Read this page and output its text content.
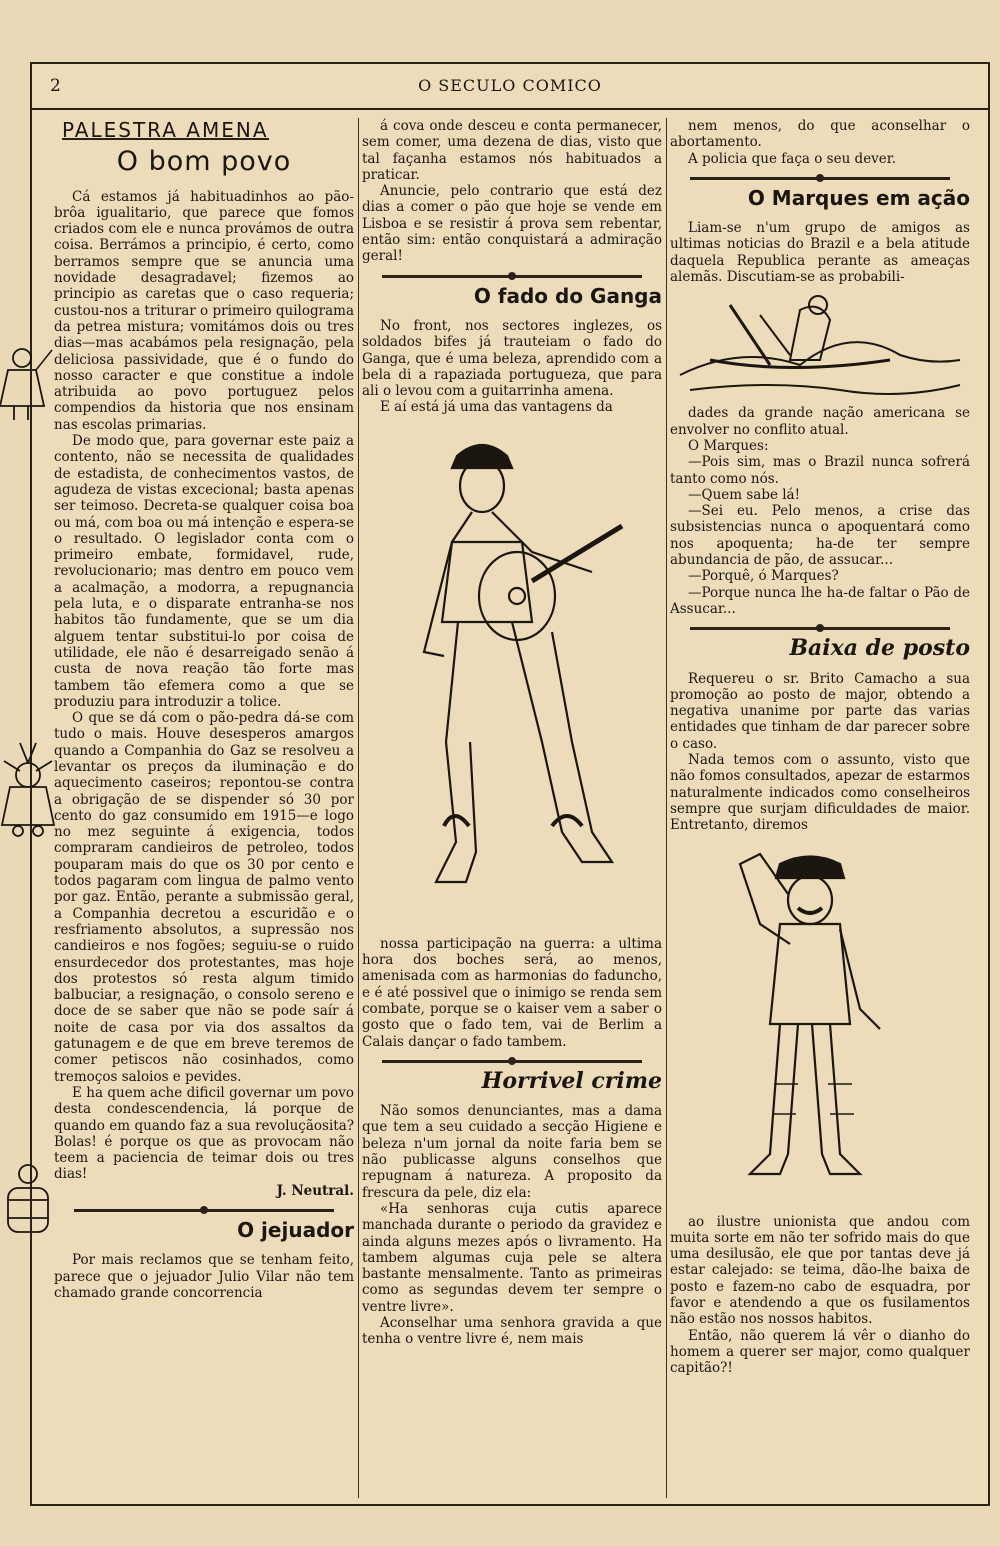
2	O SECULO COMICO
PALESTRA AMENA
O bom povo

Cá estamos já habituadinhos ao pão-brôa igualitario, que parece que fomos criados com ele e nunca provámos de outra coisa. Berrámos a principio, é certo, como berramos sempre que se anuncia uma novidade desagradavel; fizemos ao principio as caretas que o caso requeria; custou-nos a triturar o primeiro quilograma da petrea mistura; vomitámos dois ou tres dias—mas acabámos pela resignação, pela deliciosa passividade, que é o fundo do nosso caracter e que constitue a indole atribuida ao povo portuguez pelos compendios da historia que nos ensinam nas escolas primarias.

De modo que, para governar este paiz a contento, não se necessita de qualidades de estadista, de conhecimentos vastos, de agudeza de vistas excecional; basta apenas ser teimoso. Decreta-se qualquer coisa boa ou má, com boa ou má intenção e espera-se o resultado. O legislador conta com o primeiro embate, formidavel, rude, revolucionario; mas dentro em pouco vem a acalmação, a modorra, a repugnancia pela luta, e o disparate entranha-se nos habitos tão fundamente, que se um dia alguem tentar substitui-lo por coisa de utilidade, ele não é desarreigado senão á custa de nova reação tão forte mas tambem tão efemera como a que se produziu para introduzir a tolice.

O que se dá com o pão-pedra dá-se com tudo o mais. Houve desesperos amargos quando a Companhia do Gaz se resolveu a levantar os preços da iluminação e do aquecimento caseiros; repontou-se contra a obrigação de se dispender só 30 por cento do gaz consumido em 1915—e logo no mez seguinte á exigencia, todos compraram candieiros de petroleo, todos pouparam mais do que os 30 por cento e todos pagaram com lingua de palmo vento por gaz. Então, perante a submissão geral, a Companhia decretou a escuridão e o resfriamento absolutos, a supressão nos candieiros e nos fogões; seguiu-se o ruido ensurdecedor dos protestantes, mas hoje dos protestos só resta algum timido balbuciar, a resignação, o consolo sereno e doce de se saber que não se pode saír á noite de casa por via dos assaltos da gatunagem e de que em breve teremos de comer petiscos não cosinhados, como tremoços saloios e pevides.

E ha quem ache dificil governar um povo desta condescendencia, lá porque de quando em quando faz a sua revoluçãosita? Bolas! é porque os que as provocam não teem a paciencia de teimar dois ou tres dias!

J. Neutral.

O jejuador

Por mais reclamos que se tenham feito, parece que o jejuador Julio Vilar não tem chamado grande concorrencia

á cova onde desceu e conta permanecer, sem comer, uma dezena de dias, visto que tal façanha estamos nós habituados a praticar.

Anuncie, pelo contrario que está dez dias a comer o pão que hoje se vende em Lisboa e se resistir á prova sem rebentar, então sim: então conquistará a admiração geral!

O fado do Ganga

No front, nos sectores inglezes, os soldados bifes já trauteiam o fado do Ganga, que é uma beleza, aprendido com a bela di a rapaziada portugueza, que para ali o levou com a guitarrinha amena.

E aí está já uma das vantagens da

nossa participação na guerra: a ultima hora dos boches será, ao menos, amenisada com as harmonias do fadunchо, e é até possivel que o inimigo se renda sem combate, porque se o kaiser vem a saber o gosto que o fado tem, vai de Berlim a Calais dançar o fado tambem.

Horrivel crime

Não somos denunciantes, mas a dama que tem a seu cuidado a secção Higiene e beleza n'um jornal da noite faria bem se não publicasse alguns conselhos que repugnam á natureza. A proposito da frescura da pele, diz ela:

«Ha senhoras cuja cutis aparece manchada durante o periodo da gravidez e ainda alguns mezes após o livramento. Ha tambem algumas cuja pele se altera bastante mensalmente. Tanto as primeiras como as segundas devem ter sempre o ventre livre».

Aconselhar uma senhora gravida a que tenha o ventre livre é, nem mais

nem menos, do que aconselhar o abortamento.

A policia que faça o seu dever.

O Marques em ação

Liam-se n'um grupo de amigos as ultimas noticias do Brazil e a bela atitude daquela Republica perante as ameaças alemãs. Discutiam-se as probabili-

dades da grande nação americana se envolver no conflito atual.

O Marques:

—Pois sim, mas o Brazil nunca sofrerá tanto como nós.

—Quem sabe lá!

—Sei eu. Pelo menos, a crise das subsistencias nunca o apoquentará como nos apoquenta; ha-de ter sempre abundancia de pão, de assucar...

—Porquê, ó Marques?

—Porque nunca lhe ha-de faltar o Pão de Assucar...

Baixa de posto

Requereu o sr. Brito Camacho a sua promoção ao posto de major, obtendo a negativa unanime por parte das varias entidades que tinham de dar parecer sobre o caso.

Nada temos com o assunto, visto que não fomos consultados, apezar de estarmos naturalmente indicados como conselheiros sempre que surjam dificuldades de maior. Entretanto, diremos

ao ilustre unionista que andou com muita sorte em não ter sofrido mais do que uma desilusão, ele que por tantas deve já estar calejado: se teima, dão-lhe baixa de posto e fazem-no cabo de esquadra, por favor e atendendo a que os fusilamentos não estão nos nossos habitos.

Então, não querem lá vêr o dianho do homem a querer ser major, como qualquer capitão?!
